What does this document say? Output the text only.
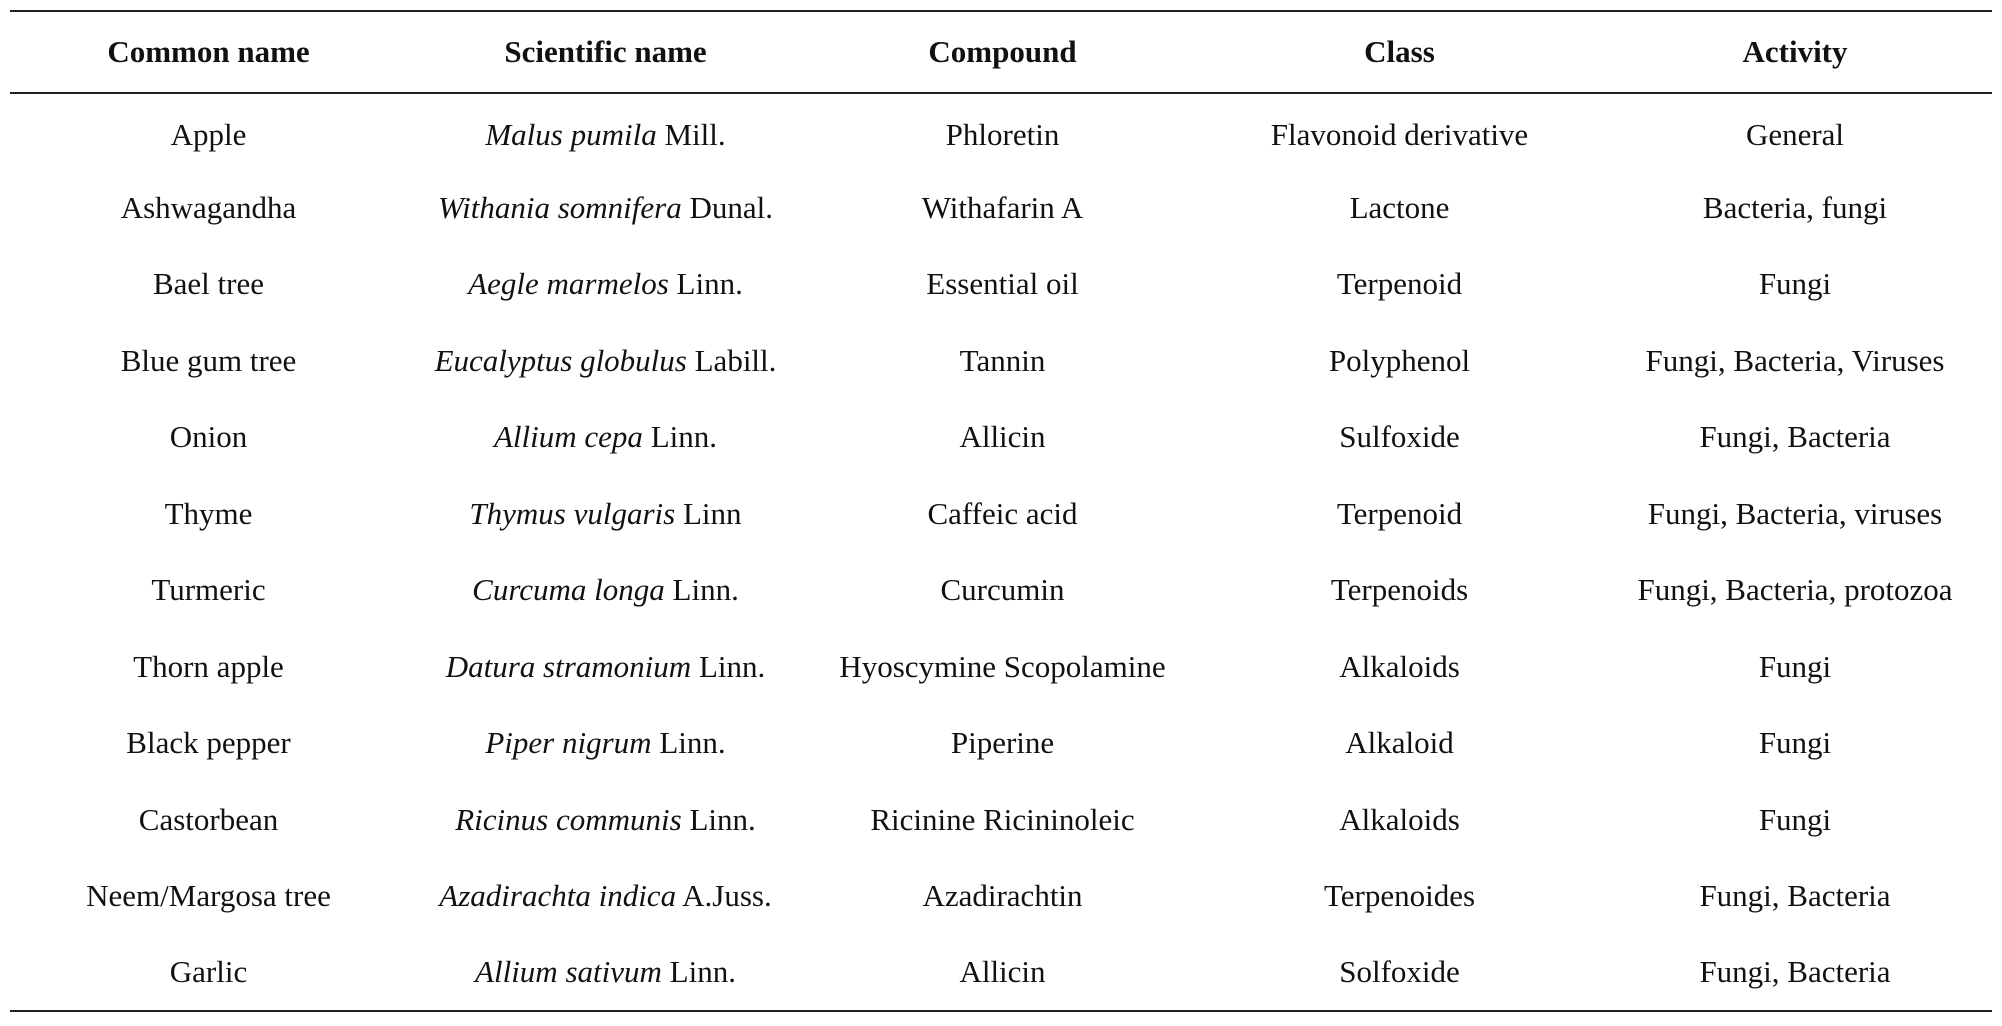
Common name	Scientific name	Compound	Class	Activity
Apple	Malus pumila Mill.	Phloretin	Flavonoid derivative	General
Ashwagandha	Withania somnifera Dunal.	Withafarin A	Lactone	Bacteria, fungi
Bael tree	Aegle marmelos Linn.	Essential oil	Terpenoid	Fungi
Blue gum tree	Eucalyptus globulus Labill.	Tannin	Polyphenol	Fungi, Bacteria, Viruses
Onion	Allium cepa Linn.	Allicin	Sulfoxide	Fungi, Bacteria
Thyme	Thymus vulgaris Linn	Caffeic acid	Terpenoid	Fungi, Bacteria, viruses
Turmeric	Curcuma longa Linn.	Curcumin	Terpenoids	Fungi, Bacteria, protozoa
Thorn apple	Datura stramonium Linn.	Hyoscymine Scopolamine	Alkaloids	Fungi
Black pepper	Piper nigrum Linn.	Piperine	Alkaloid	Fungi
Castorbean	Ricinus communis Linn.	Ricinine Ricininoleic	Alkaloids	Fungi
Neem/Margosa tree	Azadirachta indica A.Juss.	Azadirachtin	Terpenoides	Fungi, Bacteria
Garlic	Allium sativum Linn.	Allicin	Solfoxide	Fungi, Bacteria
